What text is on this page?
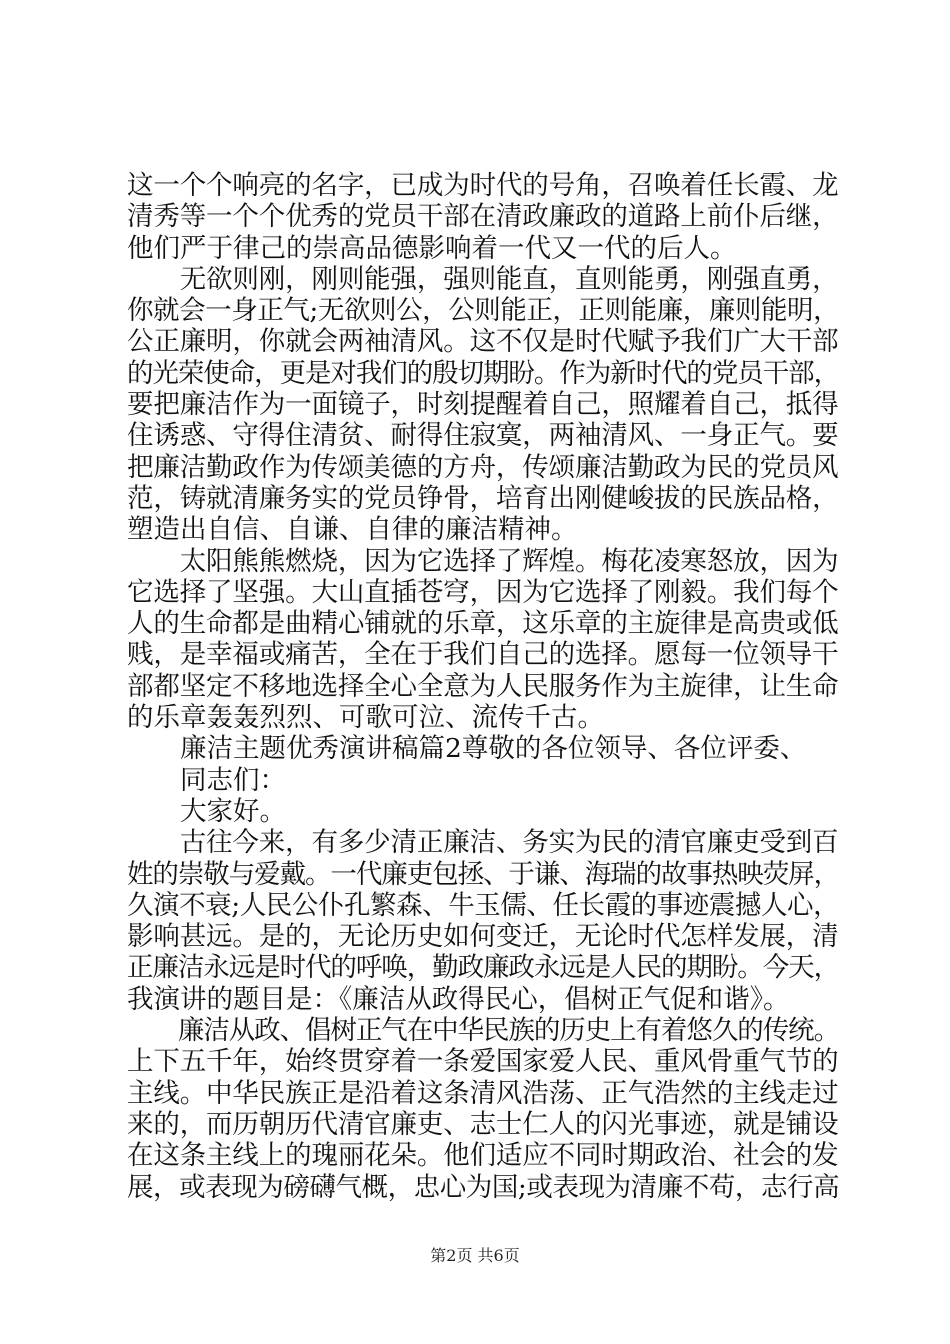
这一个个响亮的名字，已成为时代的号角，召唤着任长霞、龙
清秀等一个个优秀的党员干部在清政廉政的道路上前仆后继，
他们严于律己的崇高品德影响着一代又一代的后人。
　　无欲则刚，刚则能强，强则能直，直则能勇，刚强直勇，
你就会一身正气;无欲则公，公则能正，正则能廉，廉则能明，
公正廉明，你就会两袖清风。这不仅是时代赋予我们广大干部
的光荣使命，更是对我们的殷切期盼。作为新时代的党员干部，
要把廉洁作为一面镜子，时刻提醒着自己，照耀着自己，抵得
住诱惑、守得住清贫、耐得住寂寞，两袖清风、一身正气。要
把廉洁勤政作为传颂美德的方舟，传颂廉洁勤政为民的党员风
范，铸就清廉务实的党员铮骨，培育出刚健峻拔的民族品格，
塑造出自信、自谦、自律的廉洁精神。
　　太阳熊熊燃烧，因为它选择了辉煌。梅花凌寒怒放，因为
它选择了坚强。大山直插苍穹，因为它选择了刚毅。我们每个
人的生命都是曲精心铺就的乐章，这乐章的主旋律是高贵或低
贱，是幸福或痛苦，全在于我们自己的选择。愿每一位领导干
部都坚定不移地选择全心全意为人民服务作为主旋律，让生命
的乐章轰轰烈烈、可歌可泣、流传千古。
　　廉洁主题优秀演讲稿篇2尊敬的各位领导、各位评委、
　　同志们：
　　大家好。
　　古往今来，有多少清正廉洁、务实为民的清官廉吏受到百
姓的崇敬与爱戴。一代廉吏包拯、于谦、海瑞的故事热映荧屏，
久演不衰;人民公仆孔繁森、牛玉儒、任长霞的事迹震撼人心，
影响甚远。是的，无论历史如何变迁，无论时代怎样发展，清
正廉洁永远是时代的呼唤，勤政廉政永远是人民的期盼。今天，
我演讲的题目是：《廉洁从政得民心，倡树正气促和谐》。
　　廉洁从政、倡树正气在中华民族的历史上有着悠久的传统。
上下五千年，始终贯穿着一条爱国家爱人民、重风骨重气节的
主线。中华民族正是沿着这条清风浩荡、正气浩然的主线走过
来的，而历朝历代清官廉吏、志士仁人的闪光事迹，就是铺设
在这条主线上的瑰丽花朵。他们适应不同时期政治、社会的发
展，或表现为磅礴气概，忠心为国;或表现为清廉不苟，志行高
第2页 共6页
